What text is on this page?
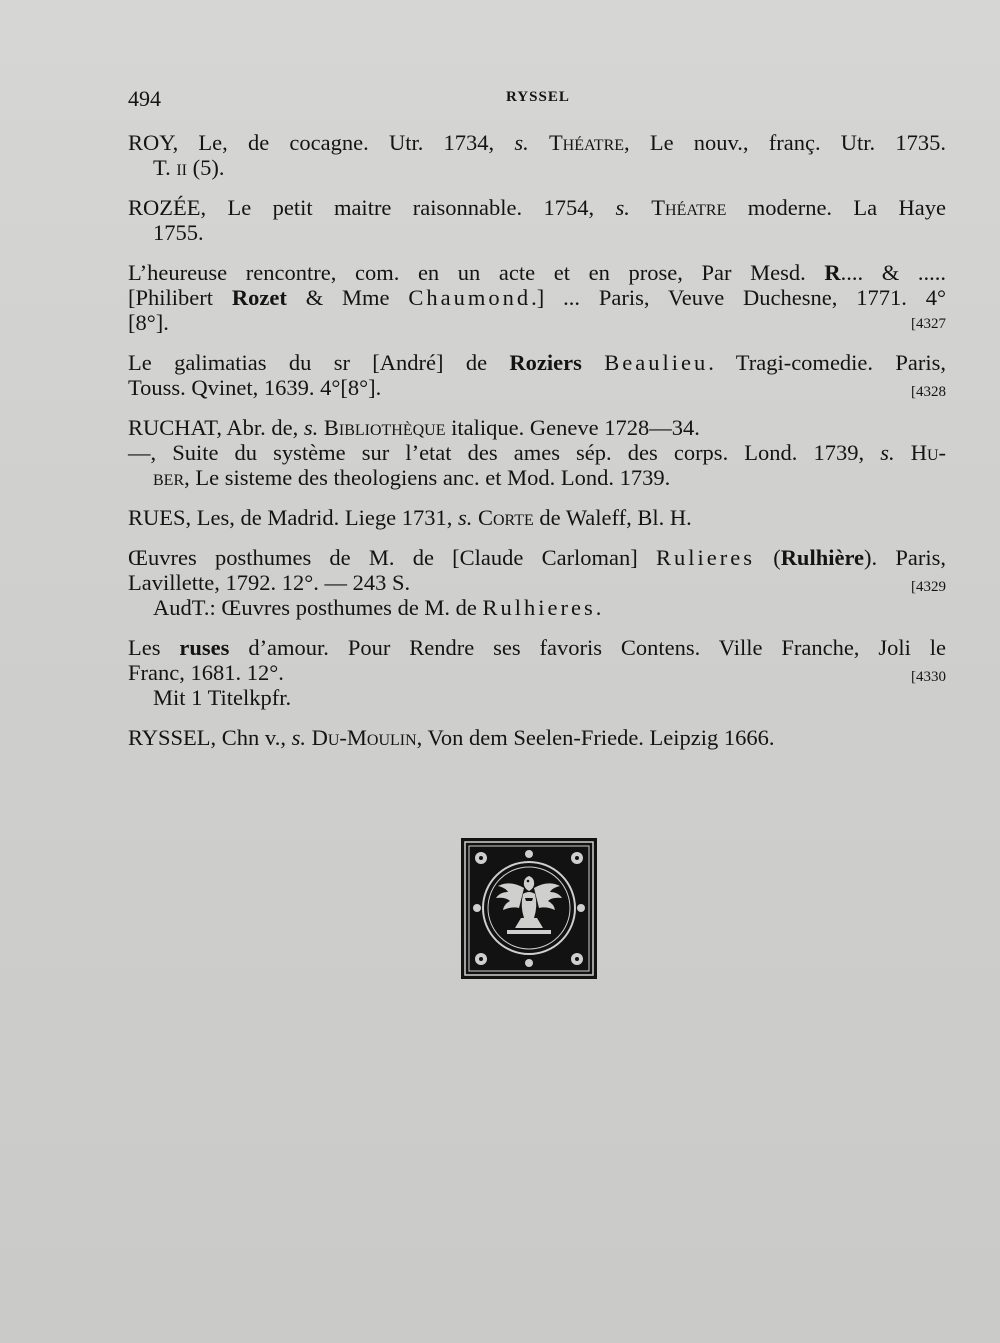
494	RYSSEL
ROY, Le, de cocagne. Utr. 1734, s. Théatre, Le nouv., franç. Utr. 1735.
T. ii (5).
ROZÉE, Le petit maitre raisonnable. 1754, s. Théatre moderne. La Haye
1755.
L’heureuse rencontre, com. en un acte et en prose, Par Mesd. R.... & .....
[Philibert Rozet & Mme Chaumond.] ... Paris, Veuve Duchesne, 1771. 4°
[8°].	[4327
Le galimatias du sr [André] de Roziers Beaulieu. Tragi-comedie. Paris,
Touss. Qvinet, 1639. 4°[8°].	[4328
RUCHAT, Abr. de, s. Bibliothèque italique. Geneve 1728—34.
—, Suite du système sur l’etat des ames sép. des corps. Lond. 1739, s. Hu-
ber, Le sisteme des theologiens anc. et Mod. Lond. 1739.
RUES, Les, de Madrid. Liege 1731, s. Corte de Waleff, Bl. H.
Œuvres posthumes de M. de [Claude Carloman] Rulieres (Rulhière). Paris,
Lavillette, 1792. 12°. — 243 S.	[4329
AudT.: Œuvres posthumes de M. de Rulhieres.
Les ruses d’amour. Pour Rendre ses favoris Contens. Ville Franche, Joli le
Franc, 1681. 12°.	[4330
Mit 1 Titelkpfr.
RYSSEL, Chn v., s. Du-Moulin, Von dem Seelen-Friede. Leipzig 1666.
